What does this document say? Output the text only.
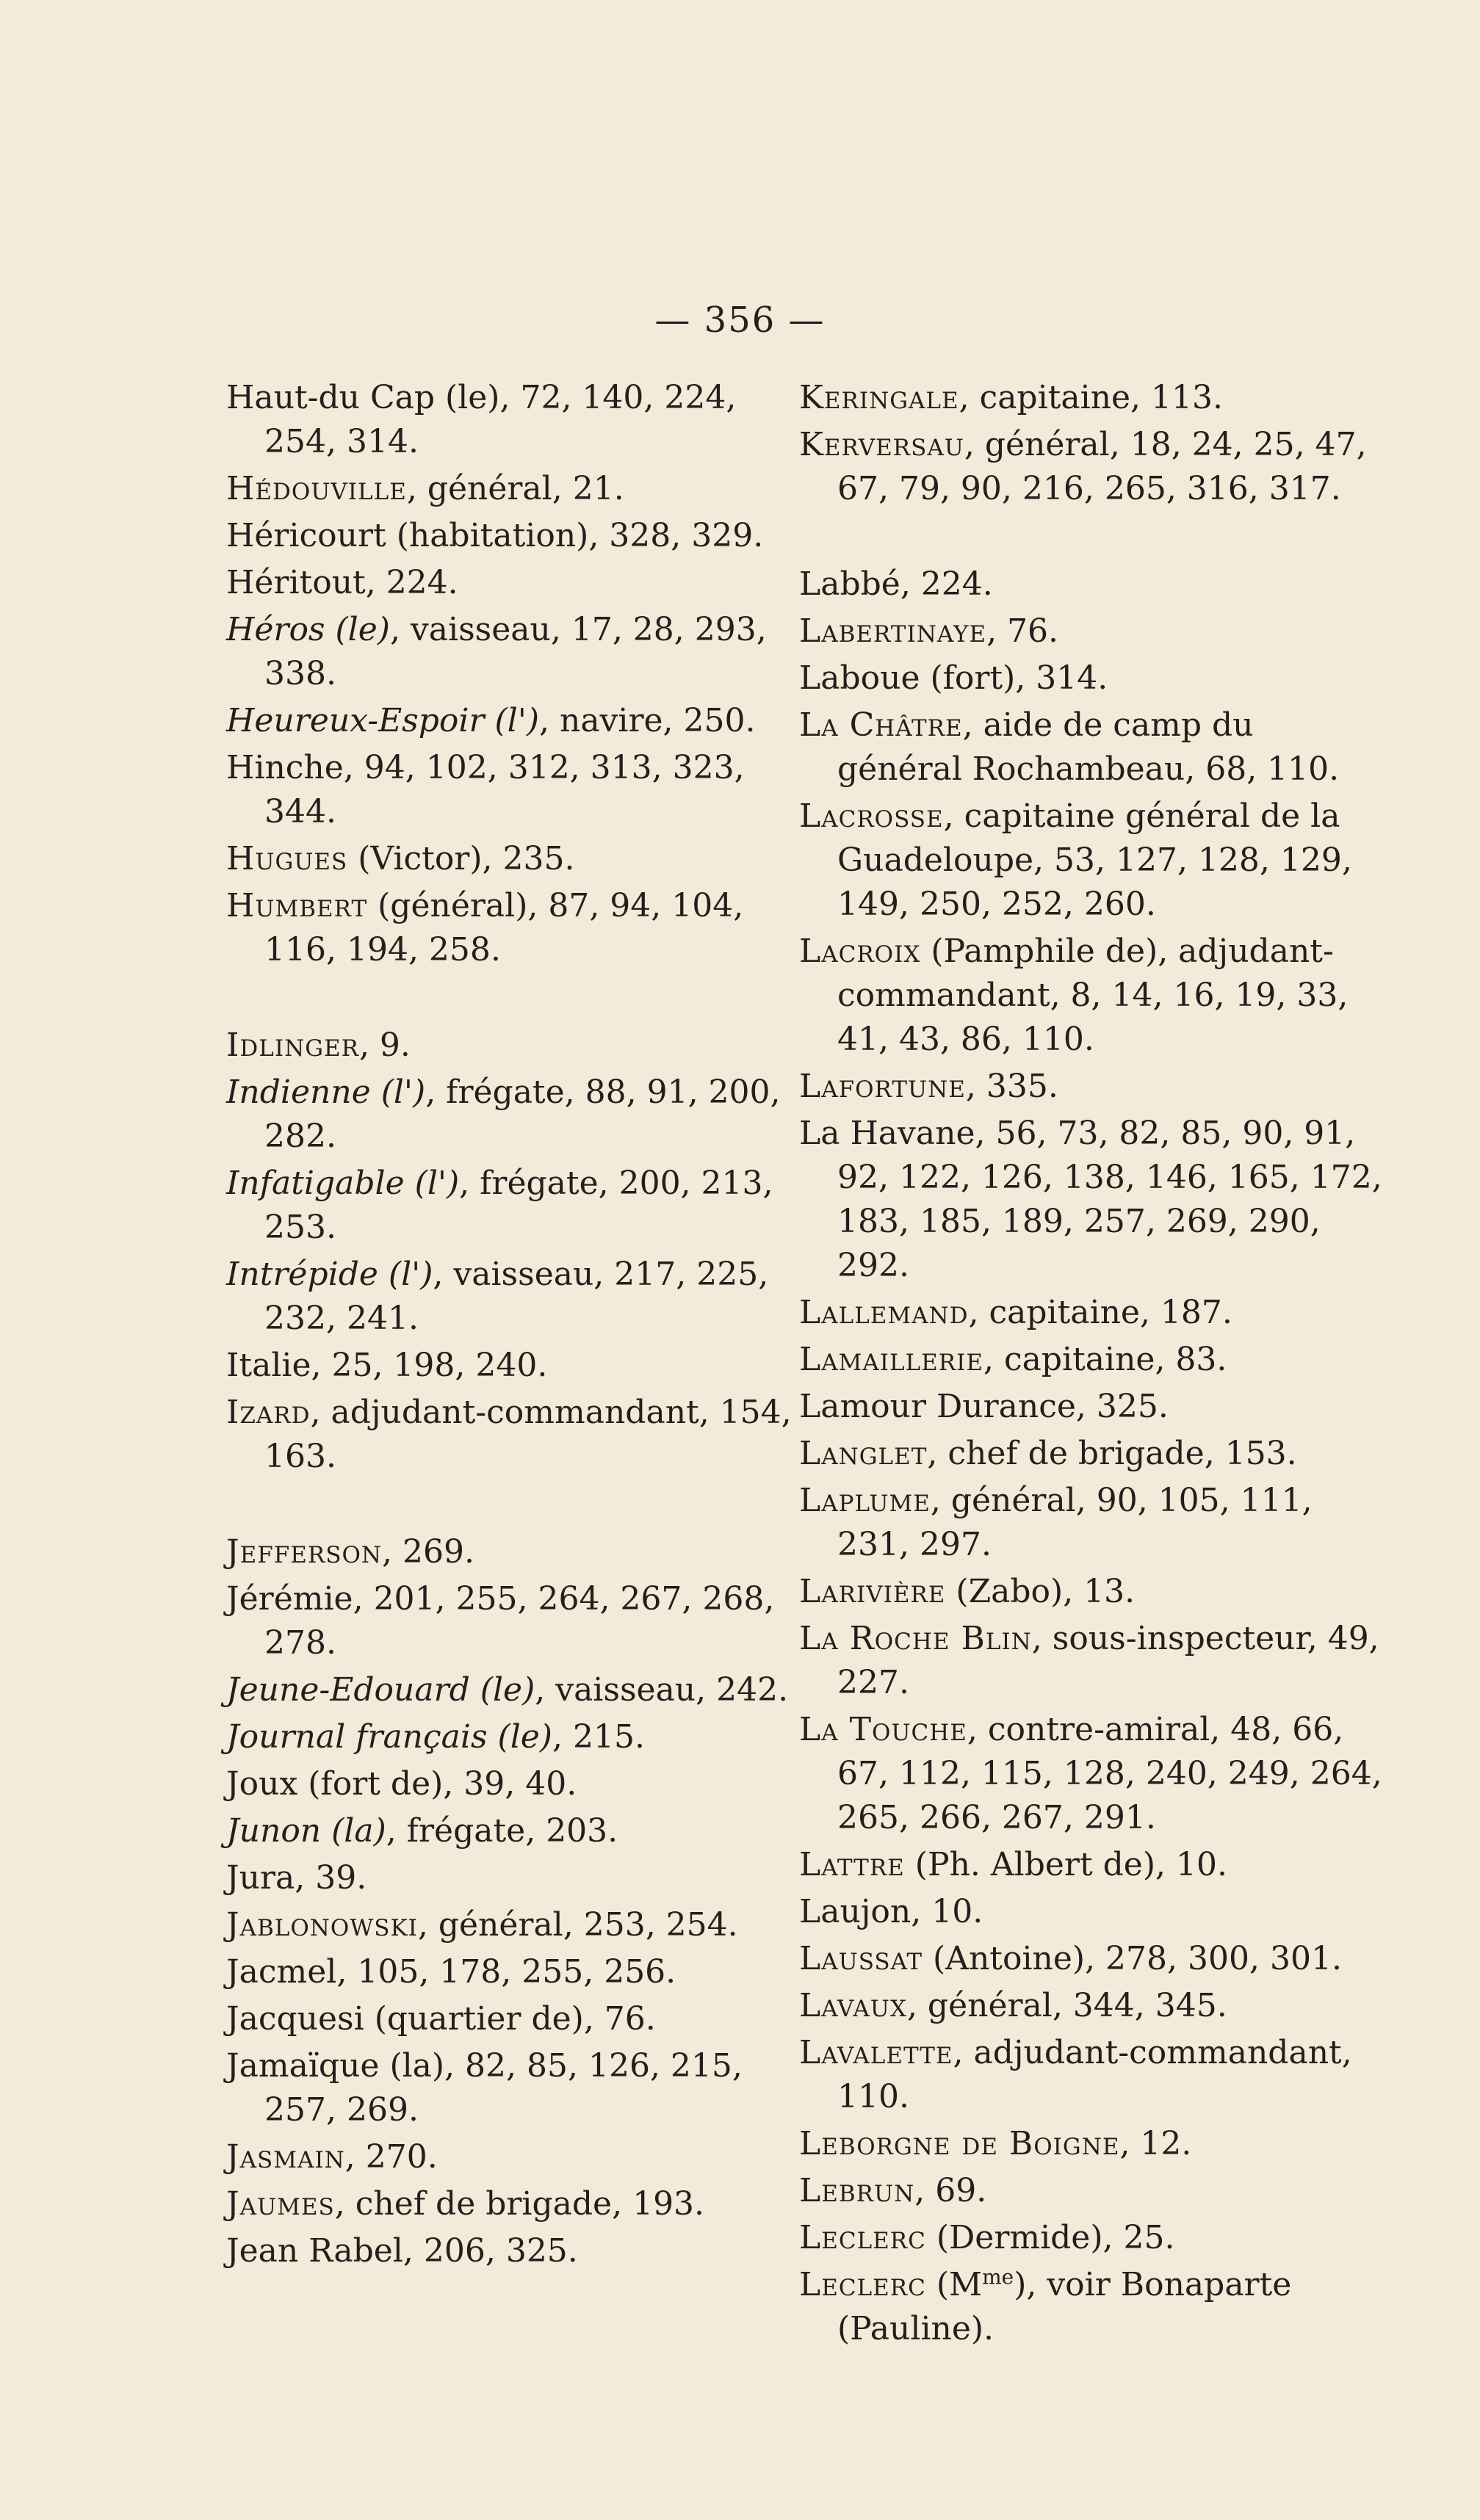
— 356 —

Haut-du Cap (le), 72, 140, 224, 254, 314.

Hédouville, général, 21.

Héricourt (habitation), 328, 329.

Héritout, 224.

Héros (le), vaisseau, 17, 28, 293, 338.

Heureux-Espoir (l'), navire, 250.

Hinche, 94, 102, 312, 313, 323, 344.

Hugues (Victor), 235.

Humbert (général), 87, 94, 104, 116, 194, 258.

Idlinger, 9.

Indienne (l'), frégate, 88, 91, 200, 282.

Infatigable (l'), frégate, 200, 213, 253.

Intrépide (l'), vaisseau, 217, 225, 232, 241.

Italie, 25, 198, 240.

Izard, adjudant-commandant, 154, 163.

Jefferson, 269.

Jérémie, 201, 255, 264, 267, 268, 278.

Jeune-Edouard (le), vaisseau, 242.

Journal français (le), 215.

Joux (fort de), 39, 40.

Junon (la), frégate, 203.

Jura, 39.

Jablonowski, général, 253, 254.

Jacmel, 105, 178, 255, 256.

Jacquesi (quartier de), 76.

Jamaïque (la), 82, 85, 126, 215, 257, 269.

Jasmain, 270.

Jaumes, chef de brigade, 193.

Jean Rabel, 206, 325.

Keringale, capitaine, 113.

Kerversau, général, 18, 24, 25, 47, 67, 79, 90, 216, 265, 316, 317.

Labbé, 224.

Labertinaye, 76.

Laboue (fort), 314.

La Châtre, aide de camp du général Rochambeau, 68, 110.

Lacrosse, capitaine général de la Guadeloupe, 53, 127, 128, 129, 149, 250, 252, 260.

Lacroix (Pamphile de), adjudant-commandant, 8, 14, 16, 19, 33, 41, 43, 86, 110.

Lafortune, 335.

La Havane, 56, 73, 82, 85, 90, 91, 92, 122, 126, 138, 146, 165, 172, 183, 185, 189, 257, 269, 290, 292.

Lallemand, capitaine, 187.

Lamaillerie, capitaine, 83.

Lamour Durance, 325.

Langlet, chef de brigade, 153.

Laplume, général, 90, 105, 111, 231, 297.

Larivière (Zabo), 13.

La Roche Blin, sous-inspecteur, 49, 227.

La Touche, contre-amiral, 48, 66, 67, 112, 115, 128, 240, 249, 264, 265, 266, 267, 291.

Lattre (Ph. Albert de), 10.

Laujon, 10.

Laussat (Antoine), 278, 300, 301.

Lavaux, général, 344, 345.

Lavalette, adjudant-commandant, 110.

Leborgne de Boigne, 12.

Lebrun, 69.

Leclerc (Dermide), 25.

Leclerc $(M^{me})$, voir Bonaparte (Pauline).
